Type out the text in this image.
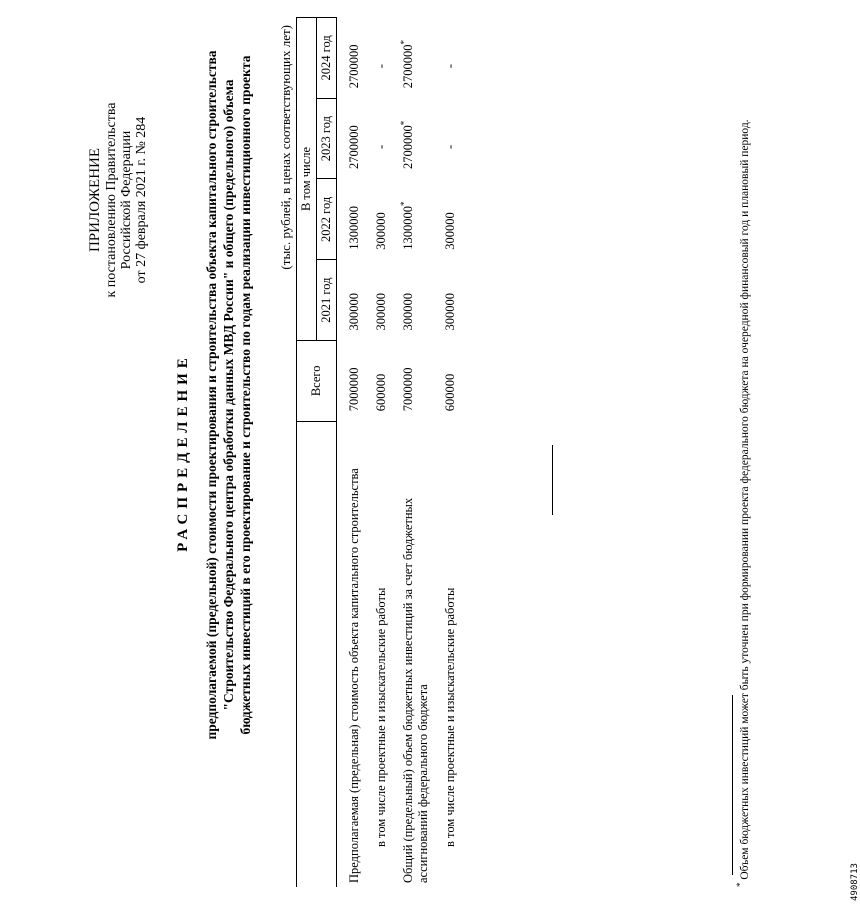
ПРИЛОЖЕНИЕ к постановлению Правительства Российской Федерации от 27 февраля 2021 г. № 284
РАСПРЕДЕЛЕНИЕ предполагаемой (предельной) стоимости проектирования и строительства объекта капитального строительства "Строительство Федерального центра обработки данных МВД России" и общего (предельного) объема бюджетных инвестиций в его проектирование и строительство по годам реализации инвестиционного проекта (тыс. рублей, в ценах соответствующих лет)
	Всего	В том числе			
		2021 год	2022 год	2023 год	2024 год
Предполагаемая (предельная) стоимость объекта капитального строительства	7000000	300000	1300000	2700000	2700000
в том числе проектные и изыскательские работы	600000	300000	300000	-	-
Общий (предельный) объем бюджетных инвестиций за счет бюджетных ассигнований федерального бюджета	7000000	300000	1300000*	2700000*	2700000*
в том числе проектные и изыскательские работы	600000	300000	300000	-	-
* Объем бюджетных инвестиций может быть уточнен при формировании проекта федерального бюджета на очередной финансовый год и плановый период.
4908713
